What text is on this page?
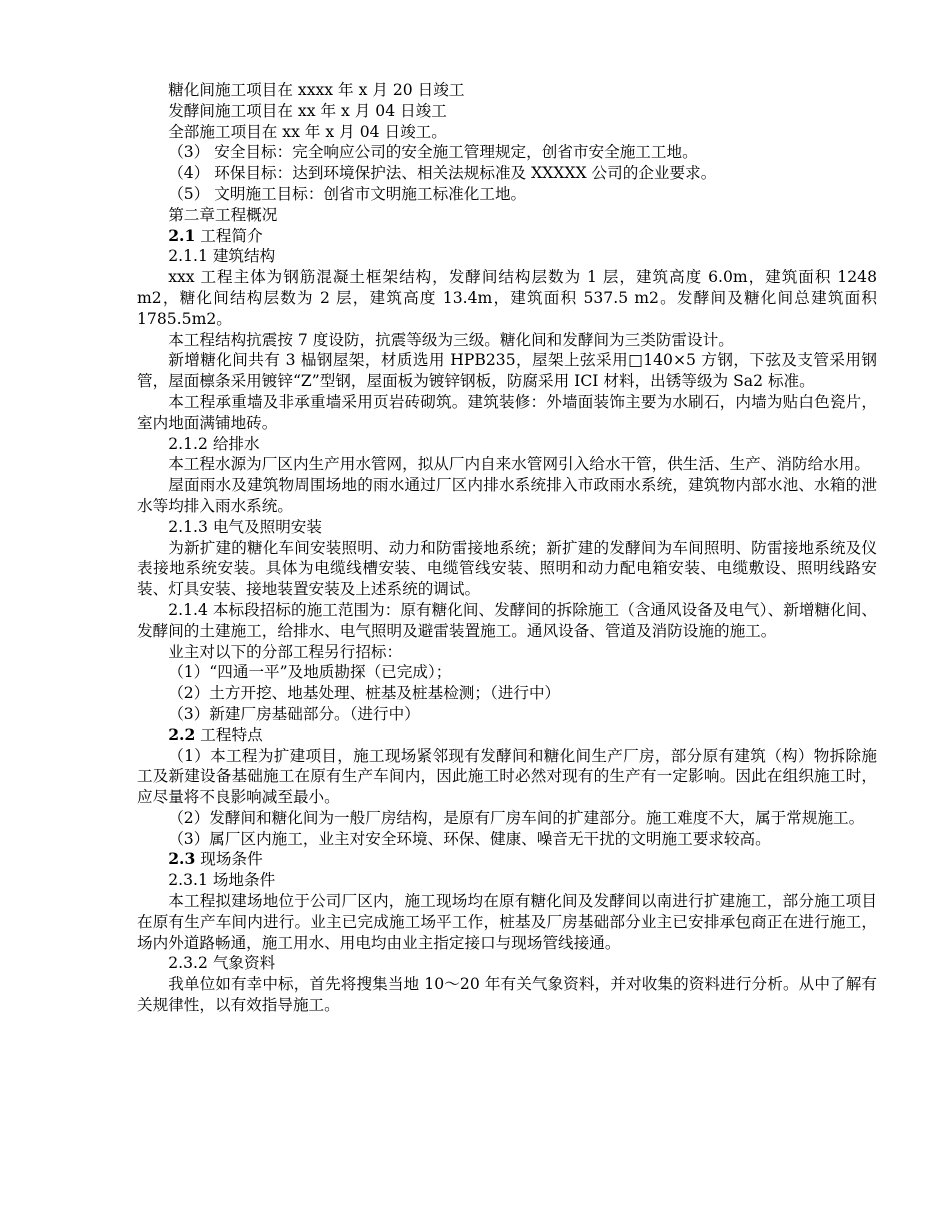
糖化间施工项目在 xxxx 年 x 月 20 日竣工
发酵间施工项目在 xx 年 x 月 04 日竣工
全部施工项目在 xx 年 x 月 04 日竣工。
（3） 安全目标：完全响应公司的安全施工管理规定，创省市安全施工工地。
（4） 环保目标：达到环境保护法、相关法规标准及 XXXXX 公司的企业要求。
（5） 文明施工目标：创省市文明施工标准化工地。
第二章工程概况
2.1 工程简介
2.1.1 建筑结构

xxx 工程主体为钢筋混凝土框架结构，发酵间结构层数为 1 层，建筑高度 6.0m，建筑面积 1248 m2，糖化间结构层数为 2 层，建筑高度 13.4m，建筑面积 537.5 m2。发酵间及糖化间总建筑面积 1785.5m2。

本工程结构抗震按 7 度设防，抗震等级为三级。糖化间和发酵间为三类防雷设计。

新增糖化间共有 3 榀钢屋架，材质选用 HPB235，屋架上弦采用□140×5 方钢，下弦及支管采用钢管，屋面檩条采用镀锌“Z”型钢，屋面板为镀锌钢板，防腐采用 ICI 材料，出锈等级为 Sa2 标准。

本工程承重墙及非承重墙采用页岩砖砌筑。建筑装修：外墙面装饰主要为水刷石，内墙为贴白色瓷片，室内地面满铺地砖。

2.1.2 给排水

本工程水源为厂区内生产用水管网，拟从厂内自来水管网引入给水干管，供生活、生产、消防给水用。

屋面雨水及建筑物周围场地的雨水通过厂区内排水系统排入市政雨水系统，建筑物内部水池、水箱的泄水等均排入雨水系统。

2.1.3 电气及照明安装

为新扩建的糖化车间安装照明、动力和防雷接地系统；新扩建的发酵间为车间照明、防雷接地系统及仪表接地系统安装。具体为电缆线槽安装、电缆管线安装、照明和动力配电箱安装、电缆敷设、照明线路安装、灯具安装、接地装置安装及上述系统的调试。

2.1.4 本标段招标的施工范围为：原有糖化间、发酵间的拆除施工（含通风设备及电气）、新增糖化间、发酵间的土建施工，给排水、电气照明及避雷装置施工。通风设备、管道及消防设施的施工。

业主对以下的分部工程另行招标：
（1）“四通一平”及地质勘探（已完成）；
（2）土方开挖、地基处理、桩基及桩基检测；（进行中）
（3）新建厂房基础部分。（进行中）
2.2 工程特点

（1）本工程为扩建项目，施工现场紧邻现有发酵间和糖化间生产厂房，部分原有建筑（构）物拆除施工及新建设备基础施工在原有生产车间内，因此施工时必然对现有的生产有一定影响。因此在组织施工时，应尽量将不良影响减至最小。

（2）发酵间和糖化间为一般厂房结构，是原有厂房车间的扩建部分。施工难度不大，属于常规施工。

（3）属厂区内施工，业主对安全环境、环保、健康、噪音无干扰的文明施工要求较高。

2.3 现场条件
2.3.1 场地条件

本工程拟建场地位于公司厂区内，施工现场均在原有糖化间及发酵间以南进行扩建施工，部分施工项目在原有生产车间内进行。业主已完成施工场平工作，桩基及厂房基础部分业主已安排承包商正在进行施工，场内外道路畅通，施工用水、用电均由业主指定接口与现场管线接通。

2.3.2 气象资料

我单位如有幸中标，首先将搜集当地 10～20 年有关气象资料，并对收集的资料进行分析。从中了解有关规律性，以有效指导施工。
